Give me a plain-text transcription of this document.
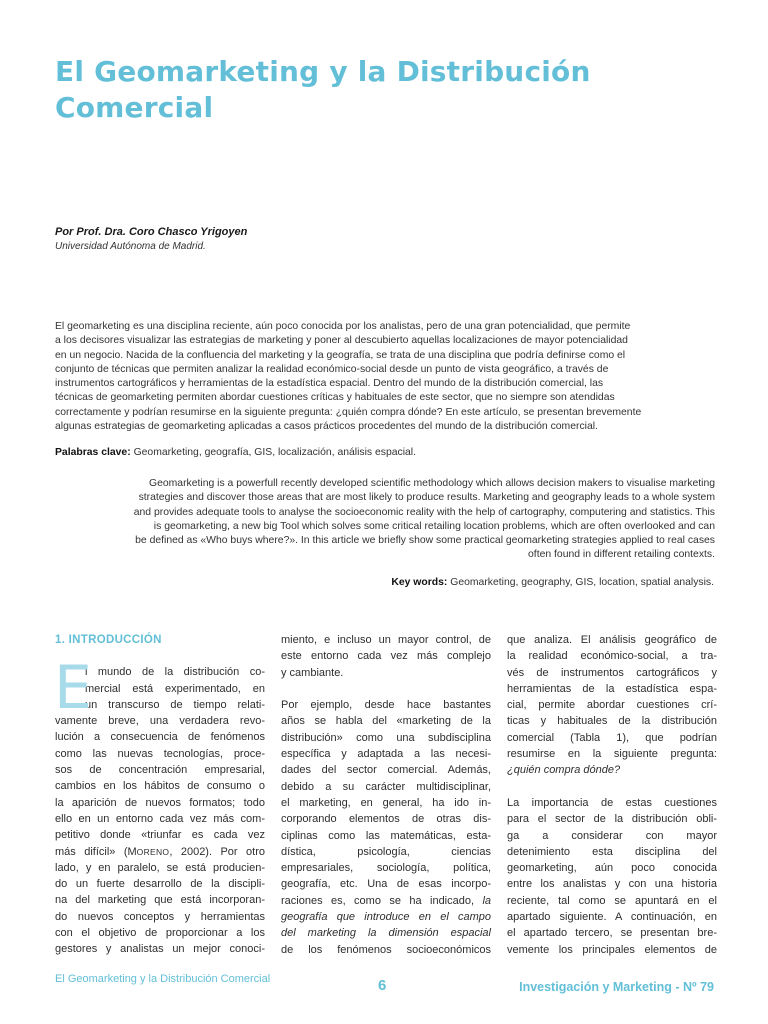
El Geomarketing y la Distribución
Comercial
Por Prof. Dra. Coro Chasco Yrigoyen
Universidad Autónoma de Madrid.
El geomarketing es una disciplina reciente, aún poco conocida por los analistas, pero de una gran potencialidad, que permite
a los decisores visualizar las estrategias de marketing y poner al descubierto aquellas localizaciones de mayor potencialidad
en un negocio. Nacida de la confluencia del marketing y la geografía, se trata de una disciplina que podría definirse como el
conjunto de técnicas que permiten analizar la realidad económico-social desde un punto de vista geográfico, a través de
instrumentos cartográficos y herramientas de la estadística espacial. Dentro del mundo de la distribución comercial, las
técnicas de geomarketing permiten abordar cuestiones críticas y habituales de este sector, que no siempre son atendidas
correctamente y podrían resumirse en la siguiente pregunta: ¿quién compra dónde? En este artículo, se presentan brevemente
algunas estrategias de geomarketing aplicadas a casos prácticos procedentes del mundo de la distribución comercial.
Palabras clave: Geomarketing, geografía, GIS, localización, análisis espacial.
Geomarketing is a powerfull recently developed scientific methodology which allows decision makers to visualise marketing
strategies and discover those areas that are most likely to produce results. Marketing and geography leads to a whole system
and provides adequate tools to analyse the socioeconomic reality with the help of cartography, computering and statistics. This
is geomarketing, a new big Tool which solves some critical retailing location problems, which are often overlooked and can
be defined as «Who buys where?». In this article we briefly show some practical geomarketing strategies applied to real cases
often found in different retailing contexts.
Key words: Geomarketing, geography, GIS, location, spatial analysis.
1. INTRODUCCIÓN
E
l mundo de la distribución co-
mercial está experimentado, en
un transcurso de tiempo relati-
vamente breve, una verdadera revo-
lución a consecuencia de fenómenos
como las nuevas tecnologías, proce-
sos de concentración empresarial,
cambios en los hábitos de consumo o
la aparición de nuevos formatos; todo
ello en un entorno cada vez más com-
petitivo donde «triunfar es cada vez
más difícil» (MORENO, 2002). Por otro
lado, y en paralelo, se está producien-
do un fuerte desarrollo de la discipli-
na del marketing que está incorporan-
do nuevos conceptos y herramientas
con el objetivo de proporcionar a los
gestores y analistas un mejor conoci-
miento, e incluso un mayor control, de
este entorno cada vez más complejo
y cambiante.
Por ejemplo, desde hace bastantes
años se habla del «marketing de la
distribución» como una subdisciplina
específica y adaptada a las necesi-
dades del sector comercial. Además,
debido a su carácter multidisciplinar,
el marketing, en general, ha ido in-
corporando elementos de otras dis-
ciplinas como las matemáticas, esta-
dística, psicología, ciencias
empresariales, sociología, política,
geografía, etc. Una de esas incorpo-
raciones es, como se ha indicado, la
geografía que introduce en el campo
del marketing la dimensión espacial
de los fenómenos socioeconómicos
que analiza. El análisis geográfico de
la realidad económico-social, a tra-
vés de instrumentos cartográficos y
herramientas de la estadística espa-
cial, permite abordar cuestiones crí-
ticas y habituales de la distribución
comercial (Tabla 1), que podrían
resumirse en la siguiente pregunta:
¿quién compra dónde?
La importancia de estas cuestiones
para el sector de la distribución obli-
ga a considerar con mayor
detenimiento esta disciplina del
geomarketing, aún poco conocida
entre los analistas y con una historia
reciente, tal como se apuntará en el
apartado siguiente. A continuación, en
el apartado tercero, se presentan bre-
vemente los principales elementos de
El Geomarketing y la Distribución Comercial	6	Investigación y Marketing - Nº 79
